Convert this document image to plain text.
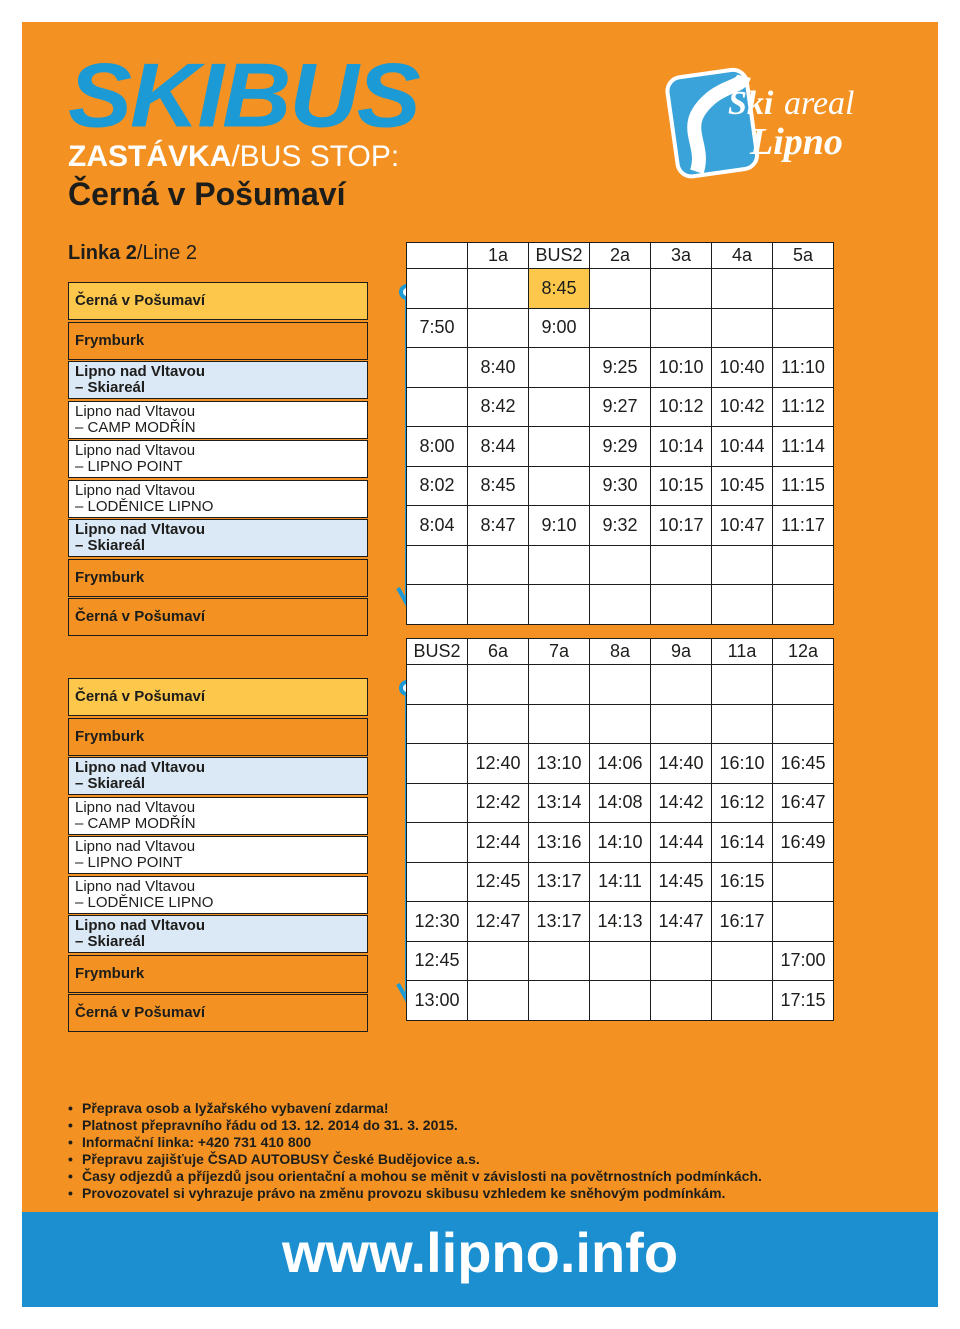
SKIBUS	Ski areal
Lipno
ZASTÁVKA/BUS STOP:
Černá v Pošumaví
Linka 2/Line 2
Černá v Pošumaví
Frymburk
Lipno nad Vltavou
– Skiareál
Lipno nad Vltavou
– CAMP MODŘÍN
Lipno nad Vltavou
– LIPNO POINT
Lipno nad Vltavou
– LODĚNICE LIPNO
Lipno nad Vltavou
– Skiareál
Frymburk
Černá v Pošumaví
	1a	BUS2	2a	3a	4a	5a
		8:45				
7:50		9:00				
	8:40		9:25	10:10	10:40	11:10
	8:42		9:27	10:12	10:42	11:12
8:00	8:44		9:29	10:14	10:44	11:14
8:02	8:45		9:30	10:15	10:45	11:15
8:04	8:47	9:10	9:32	10:17	10:47	11:17

Černá v Pošumaví
Frymburk
Lipno nad Vltavou
– Skiareál
Lipno nad Vltavou
– CAMP MODŘÍN
Lipno nad Vltavou
– LIPNO POINT
Lipno nad Vltavou
– LODĚNICE LIPNO
Lipno nad Vltavou
– Skiareál
Frymburk
Černá v Pošumaví
BUS2	6a	7a	8a	9a	11a	12a

	12:40	13:10	14:06	14:40	16:10	16:45
	12:42	13:14	14:08	14:42	16:12	16:47
	12:44	13:16	14:10	14:44	16:14	16:49
	12:45	13:17	14:11	14:45	16:15	
12:30	12:47	13:17	14:13	14:47	16:17	
12:45						17:00
13:00						17:15
• Přeprava osob a lyžařského vybavení zdarma!
• Platnost přepravního řádu od 13. 12. 2014 do 31. 3. 2015.
• Informační linka: +420 731 410 800
• Přepravu zajišťuje ČSAD AUTOBUSY České Budějovice a.s.
• Časy odjezdů a příjezdů jsou orientační a mohou se měnit v závislosti na povětrnostních podmínkách.
• Provozovatel si vyhrazuje právo na změnu provozu skibusu vzhledem ke sněhovým podmínkám.
www.lipno.info
